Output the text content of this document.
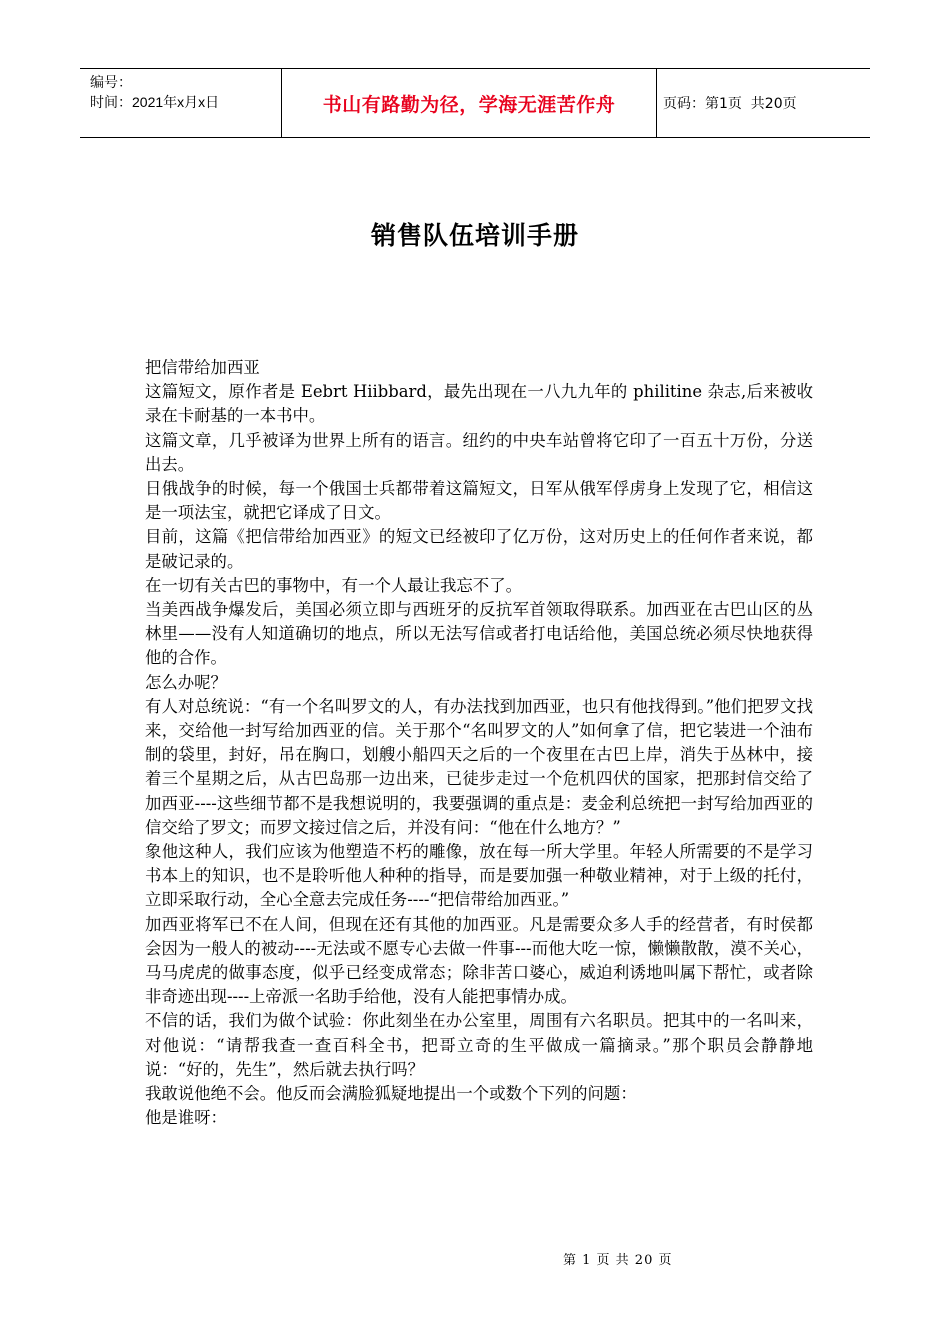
编号：
时间：2021年x月x日	书山有路勤为径，学海无涯苦作舟	页码：第1页  共20页
销售队伍培训手册

把信带给加西亚

这篇短文，原作者是 Eebrt Hiibbard，最先出现在一八九九年的 philitine 杂志,后来被收录在卡耐基的一本书中。

这篇文章，几乎被译为世界上所有的语言。纽约的中央车站曾将它印了一百五十万份，分送出去。

日俄战争的时候，每一个俄国士兵都带着这篇短文，日军从俄军俘虏身上发现了它，相信这是一项法宝，就把它译成了日文。

目前，这篇《把信带给加西亚》的短文已经被印了亿万份，这对历史上的任何作者来说，都是破记录的。

在一切有关古巴的事物中，有一个人最让我忘不了。

当美西战争爆发后，美国必须立即与西班牙的反抗军首领取得联系。加西亚在古巴山区的丛林里——没有人知道确切的地点，所以无法写信或者打电话给他，美国总统必须尽快地获得他的合作。

怎么办呢？

有人对总统说：“有一个名叫罗文的人，有办法找到加西亚，也只有他找得到。”他们把罗文找来，交给他一封写给加西亚的信。关于那个“名叫罗文的人”如何拿了信，把它装进一个油布制的袋里，封好，吊在胸口，划艘小船四天之后的一个夜里在古巴上岸，消失于丛林中，接着三个星期之后，从古巴岛那一边出来，已徒步走过一个危机四伏的国家，把那封信交给了加西亚----这些细节都不是我想说明的，我要强调的重点是：麦金利总统把一封写给加西亚的信交给了罗文；而罗文接过信之后，并没有问：“他在什么地方？”

象他这种人，我们应该为他塑造不朽的雕像，放在每一所大学里。年轻人所需要的不是学习书本上的知识，也不是聆听他人种种的指导，而是要加强一种敬业精神，对于上级的托付，立即采取行动，全心全意去完成任务----“把信带给加西亚。”

加西亚将军已不在人间，但现在还有其他的加西亚。凡是需要众多人手的经营者，有时侯都会因为一般人的被动----无法或不愿专心去做一件事---而他大吃一惊，懒懒散散，漠不关心，马马虎虎的做事态度，似乎已经变成常态；除非苦口婆心，威迫利诱地叫属下帮忙，或者除非奇迹出现----上帝派一名助手给他，没有人能把事情办成。

不信的话，我们为做个试验：你此刻坐在办公室里，周围有六名职员。把其中的一名叫来，对他说：“请帮我查一查百科全书，把哥立奇的生平做成一篇摘录。”那个职员会静静地说：“好的，先生”，然后就去执行吗？

我敢说他绝不会。他反而会满脸狐疑地提出一个或数个下列的问题：

他是谁呀：

第 1 页 共 20 页
